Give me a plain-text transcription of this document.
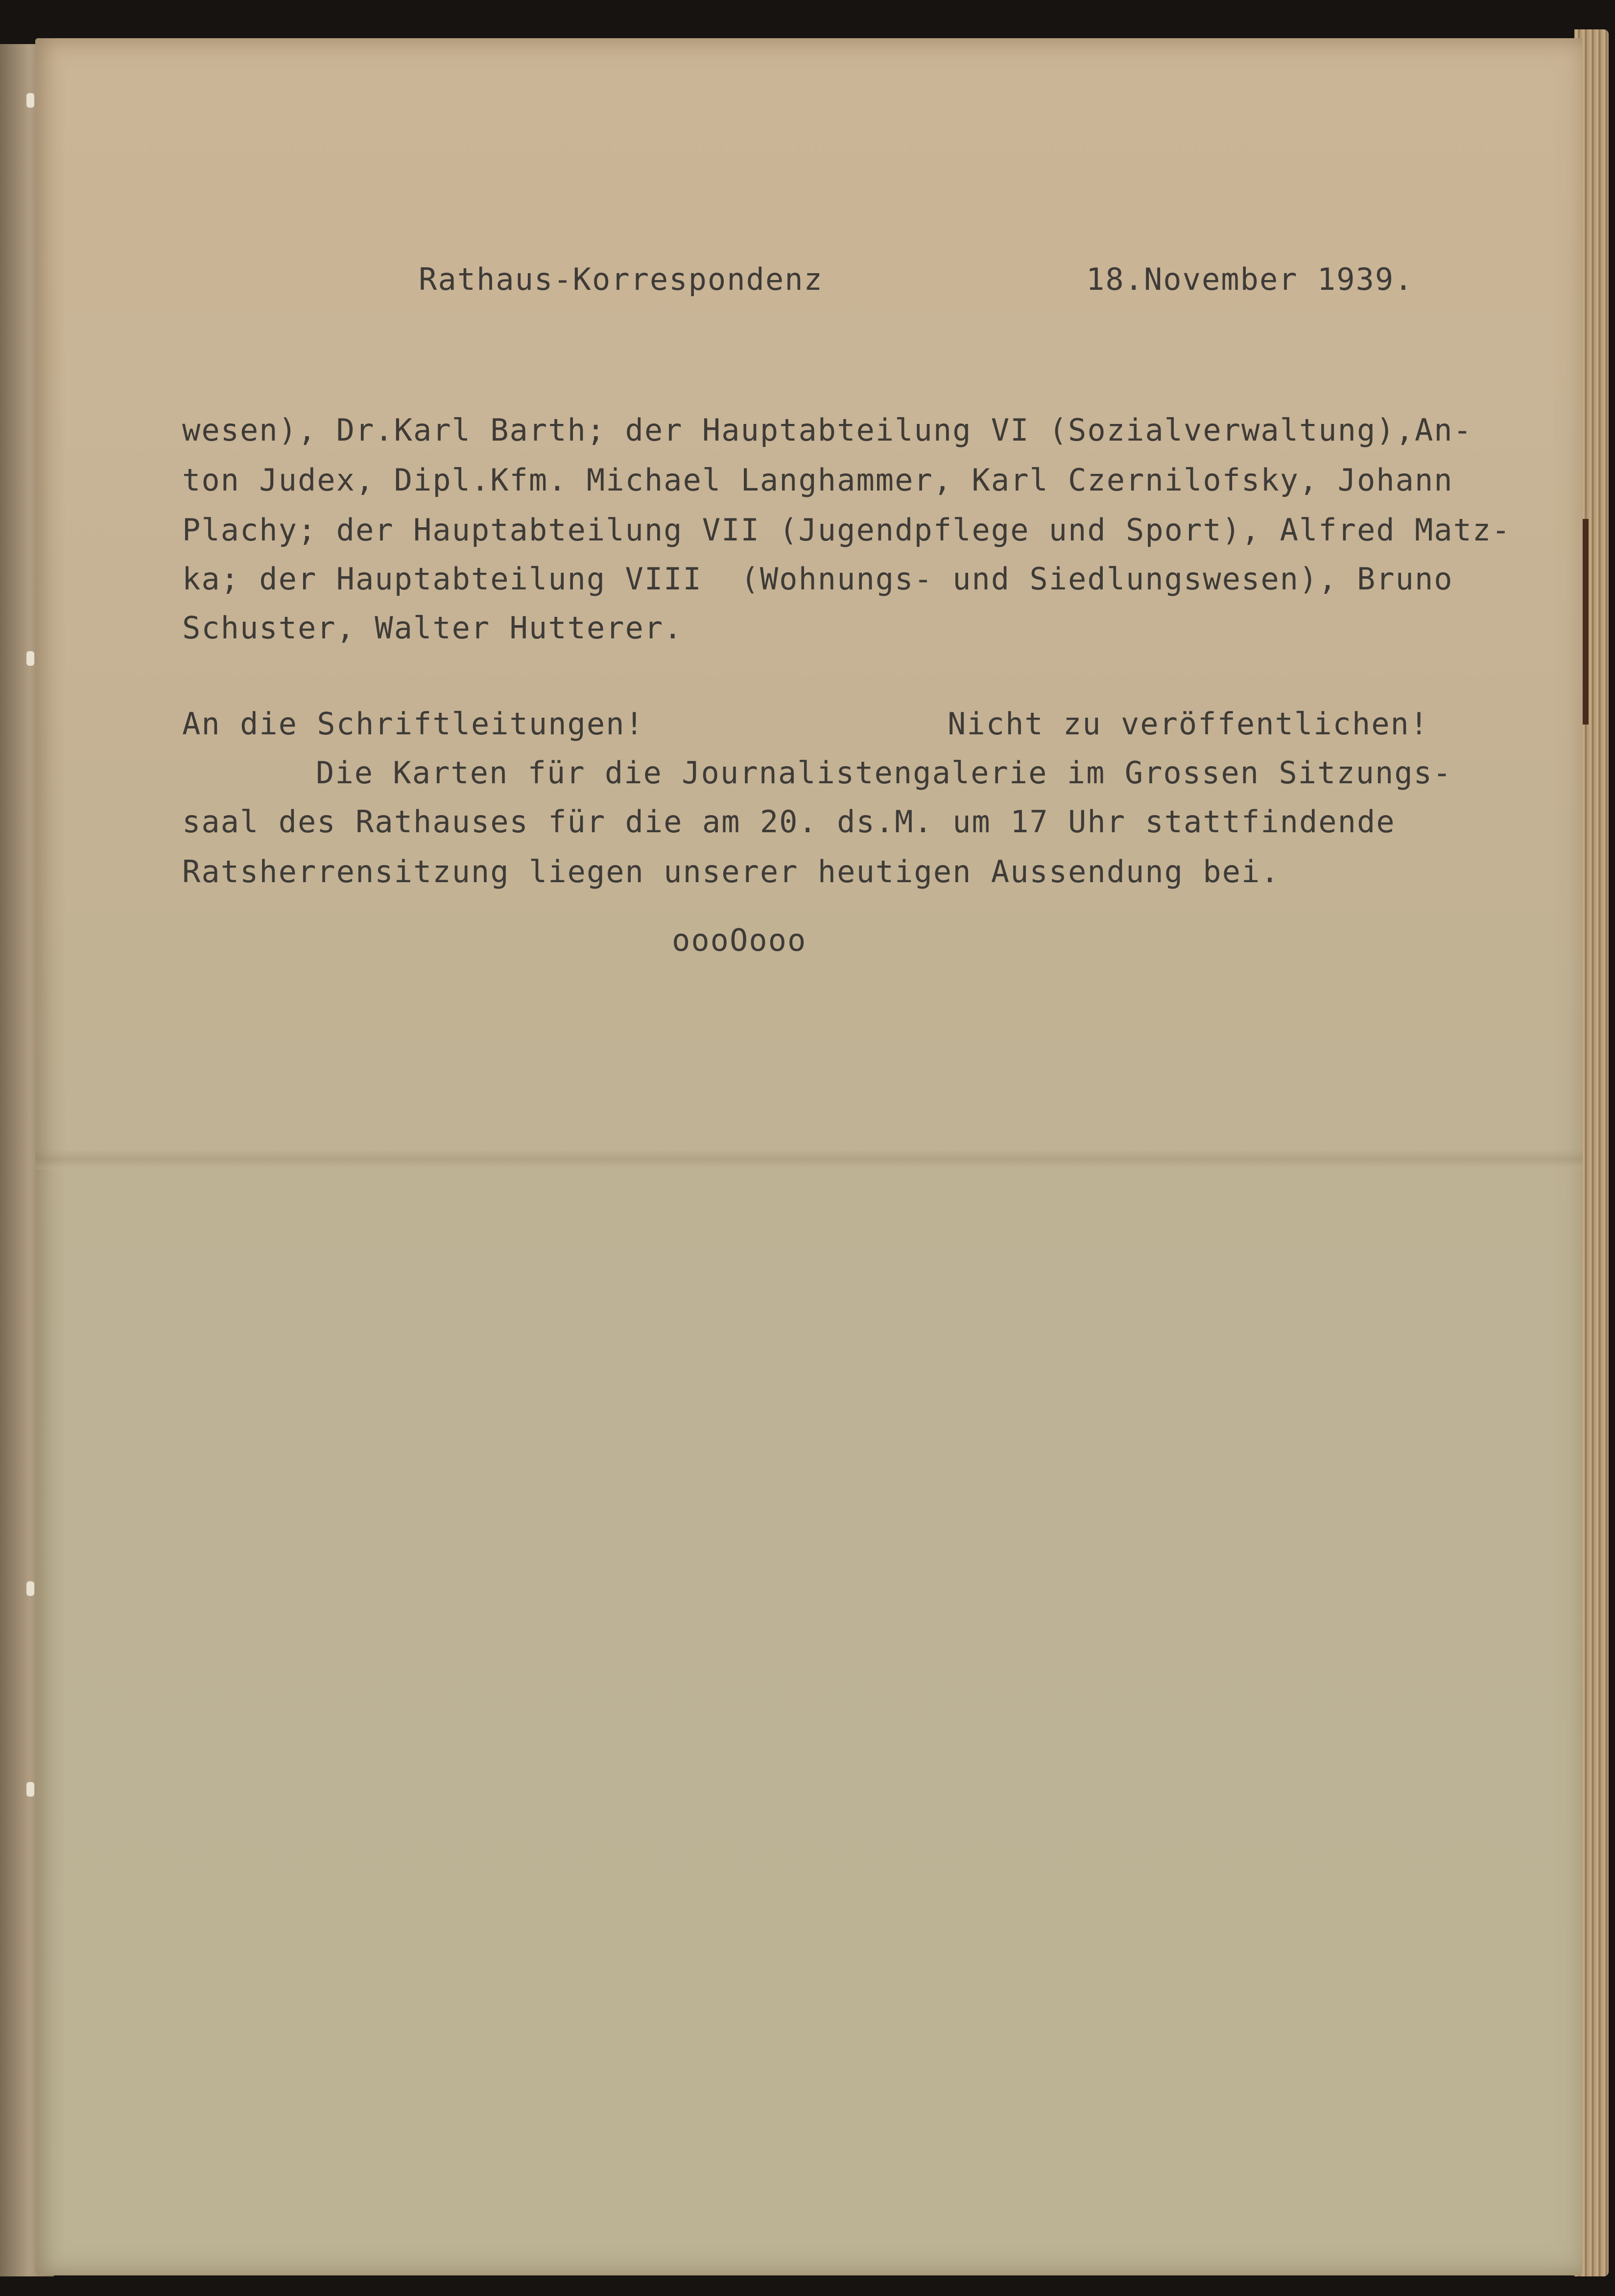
Rathaus-Korrespondenz	18.November 1939.
wesen), Dr.Karl Barth; der Hauptabteilung VI (Sozialverwaltung),An-
ton Judex, Dipl.Kfm. Michael Langhammer, Karl Czernilofsky, Johann
Plachy; der Hauptabteilung VII (Jugendpflege und Sport), Alfred Matz-
ka; der Hauptabteilung VIII  (Wohnungs- und Siedlungswesen), Bruno
Schuster, Walter Hutterer.
An die Schriftleitungen!	Nicht zu veröffentlichen!
Die Karten für die Journalistengalerie im Grossen Sitzungs-
saal des Rathauses für die am 20. ds.M. um 17 Uhr stattfindende
Ratsherrensitzung liegen unserer heutigen Aussendung bei.
oooOooo
